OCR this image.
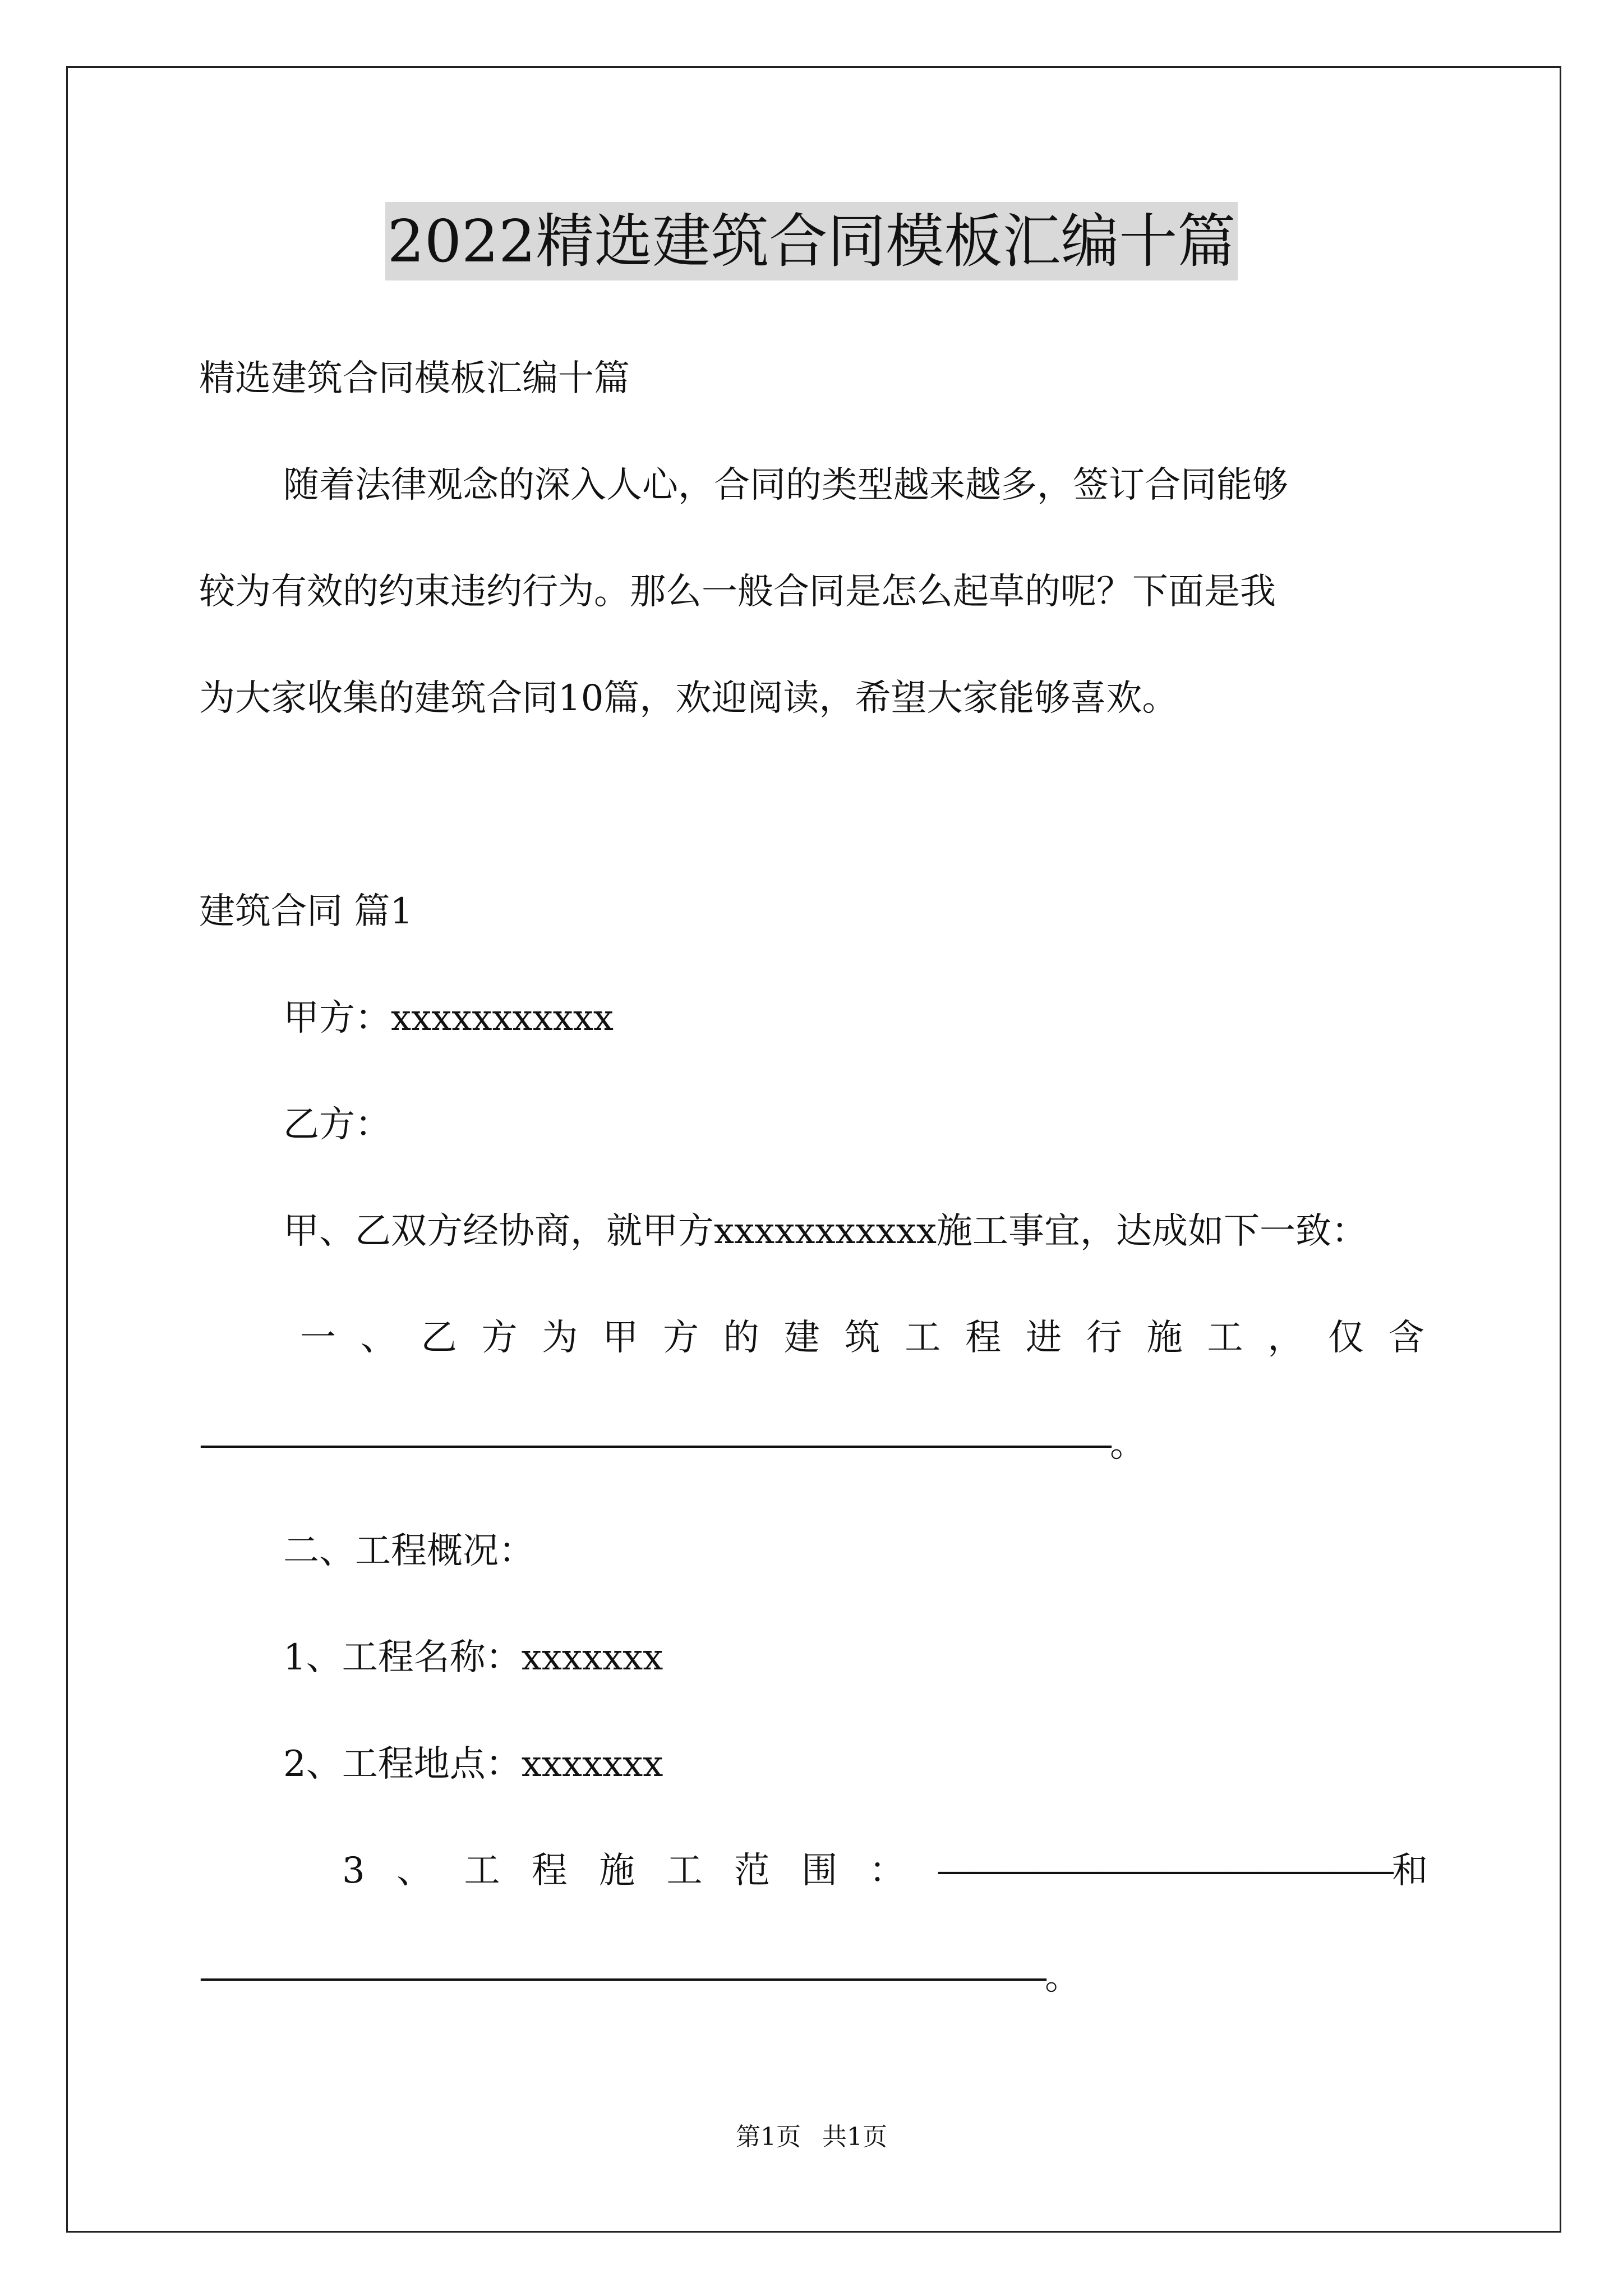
2022精选建筑合同模板汇编十篇
精选建筑合同模板汇编十篇
随着法律观念的深入人心，合同的类型越来越多，签订合同能够
较为有效的约束违约行为。那么一般合同是怎么起草的呢？下面是我
为大家收集的建筑合同10篇，欢迎阅读，希望大家能够喜欢。
建筑合同 篇1
甲方：xxxxxxxxxxx
乙方：
甲、乙双方经协商，就甲方xxxxxxxxxxx施工事宜，达成如下一致：
一 、 乙 方 为 甲 方 的 建 筑 工 程 进 行 施 工 ， 仅 含
————————————————————————————。
二、工程概况：
1、工程名称：xxxxxxx
2、工程地点：xxxxxxx
3 、 工 程 施 工 范 围 ： ——————————————和
——————————————————————————。
第1页 共1页
